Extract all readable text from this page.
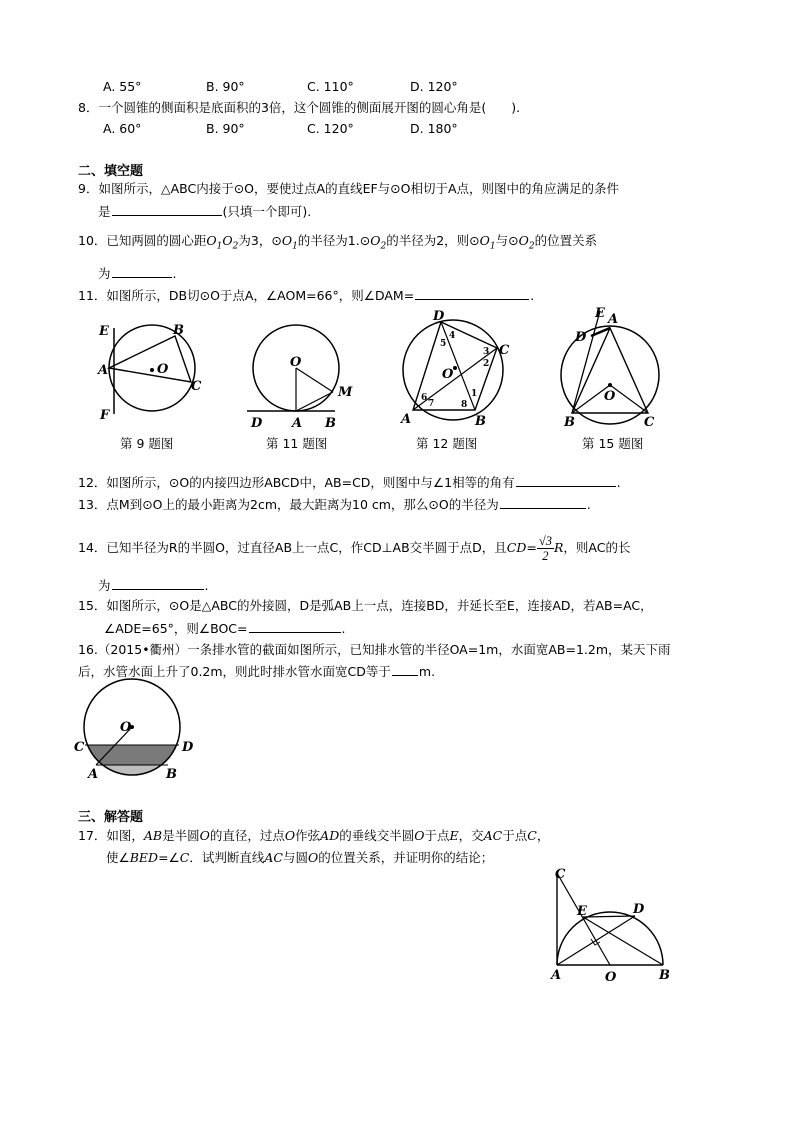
A. 55°	B. 90°	C. 110°	D. 120°
8．一个圆锥的侧面积是底面积的3倍，这个圆锥的侧面展开图的圆心角是(　　).
A. 60°	B. 90°	C. 120°	D. 180°
二、填空题
9．如图所示，△ABC内接于⊙O，要使过点A的直线EF与⊙O相切于A点，则图中的角应满足的条件
是	(只填一个即可).
10．已知两圆的圆心距$O_1O_2$为3，$⊙O_1$的半径为$1.⊙O_2$的半径为2，则$⊙O_1$与$⊙O_2$的位置关系
为	.
11．如图所示，DB切⊙O于点A，∠AOM=66°，则∠DAM=	.
E	B
A	O
C
F
第 9 题图
O
M
D A B
第 11 题图
D
C
O
A	B
4
5
3
2
1
6
7	8
第 12 题图
E
D
A
O
B	C
第 15 题图
12．如图所示，⊙O的内接四边形ABCD中，AB=CD，则图中与∠1相等的角有	.
13．点M到⊙O上的最小距离为2cm，最大距离为10 cm，那么⊙O的半径为	.
14．已知半径为R的半圆O，过直径AB上一点C，作CD⊥AB交半圆于点D，且$CD= \frac{√3}{2}$ R，则AC的长
为	.
15．如图所示，⊙O是△ABC的外接圆，D是弧AB上一点，连接BD，并延长至E，连接AD，若AB=AC，
∠ADE=65°，则∠BOC=	.
16.（2015•衢州）一条排水管的截面如图所示，已知排水管的半径OA=1m，水面宽AB=1.2m，某天下雨
后，水管水面上升了0.2m，则此时排水管水面宽CD等于 m.
O
C	D
A	B
三、解答题
17．如图，AB是半圆O的直径，过点O作弦AD的垂线交半圆O于点E，交AC于点C，
使∠BED=∠C．试判断直线AC与圆O的位置关系，并证明你的结论；
C
E	D
A	O	B
